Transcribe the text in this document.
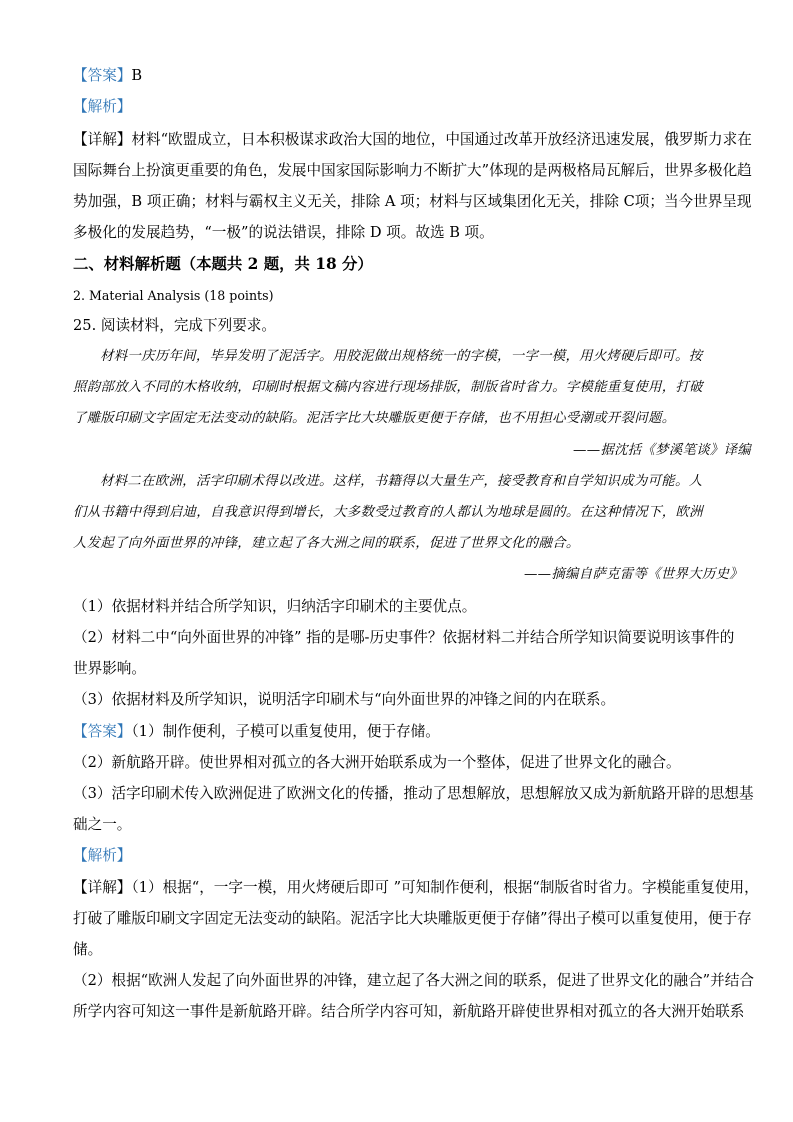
【答案】B
【解析】
【详解】材料“欧盟成立，日本积极谋求政治大国的地位，中国通过改革开放经济迅速发展，俄罗斯力求在
国际舞台上扮演更重要的角色，发展中国家国际影响力不断扩大”体现的是两极格局瓦解后，世界多极化趋
势加强，B 项正确；材料与霸权主义无关，排除 A 项；材料与区域集团化无关，排除 C项；当今世界呈现
多极化的发展趋势，“一极”的说法错误，排除 D 项。故选 B 项。
二、材料解析题（本题共 2 题，共 18 分）
2. Material Analysis (18 points)
25. 阅读材料，完成下列要求。
材料一庆历年间，毕异发明了泥活字。用胶泥做出规格统一的字模，一字一模，用火烤硬后即可。按
照韵部放入不同的木格收纳，印刷时根据文稿内容进行现场排版，制版省时省力。字模能重复使用，打破
了雕版印刷文字固定无法变动的缺陷。泥活字比大块雕版更便于存储，也不用担心受潮或开裂问题。
——据沈括《梦溪笔谈》译编
材料二在欧洲，活字印刷术得以改进。这样，书籍得以大量生产，接受教育和自学知识成为可能。人
们从书籍中得到启迪，自我意识得到增长，大多数受过教育的人都认为地球是圆的。在这种情况下，欧洲
人发起了向外面世界的冲锋，建立起了各大洲之间的联系，促进了世界文化的融合。
——摘编自萨克雷等《世界大历史》
（1）依据材料并结合所学知识，归纳活字印刷术的主要优点。
（2）材料二中“向外面世界的冲锋” 指的是哪-历史事件？依据材料二并结合所学知识简要说明该事件的
世界影响。
（3）依据材料及所学知识，说明活字印刷术与“向外面世界的冲锋之间的内在联系。
【答案】（1）制作便利，子模可以重复使用，便于存储。
（2）新航路开辟。使世界相对孤立的各大洲开始联系成为一个整体，促进了世界文化的融合。
（3）活字印刷术传入欧洲促进了欧洲文化的传播，推动了思想解放，思想解放又成为新航路开辟的思想基
础之一。
【解析】
【详解】（1）根据“，一字一模，用火烤硬后即可 ”可知制作便利，根据“制版省时省力。字模能重复使用，
打破了雕版印刷文字固定无法变动的缺陷。泥活字比大块雕版更便于存储”得出子模可以重复使用，便于存
储。
（2）根据“欧洲人发起了向外面世界的冲锋，建立起了各大洲之间的联系，促进了世界文化的融合”并结合
所学内容可知这一事件是新航路开辟。结合所学内容可知，新航路开辟使世界相对孤立的各大洲开始联系
